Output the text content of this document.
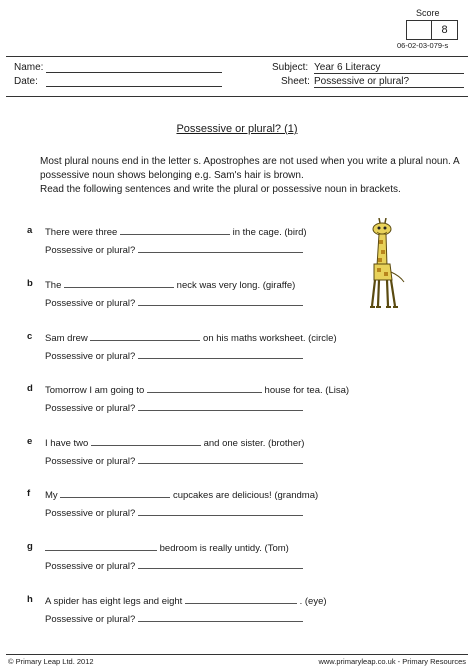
Score
8
06-02-03-079-s
Name:
Date:
Subject: Year 6 Literacy
Sheet: Possessive or plural?
Possessive or plural? (1)

Most plural nouns end in the letter s. Apostrophes are not used when you write a plural noun. A possessive noun shows belonging e.g. Sam's hair is brown.

Read the following sentences and write the plural or possessive noun in brackets.

a There were three	in the cage. (bird)
Possessive or plural?
b The	neck was very long. (giraffe)
Possessive or plural?
c Sam drew	on his maths worksheet. (circle)
Possessive or plural?
d Tomorrow I am going to	house for tea. (Lisa)
Possessive or plural?
e I have two	and one sister. (brother)
Possessive or plural?
f My	cupcakes are delicious! (grandma)
Possessive or plural?
g	bedroom is really untidy. (Tom)
Possessive or plural?
h A spider has eight legs and eight	. (eye)
Possessive or plural?
© Primary Leap Ltd. 2012	www.primaryleap.co.uk - Primary Resources
